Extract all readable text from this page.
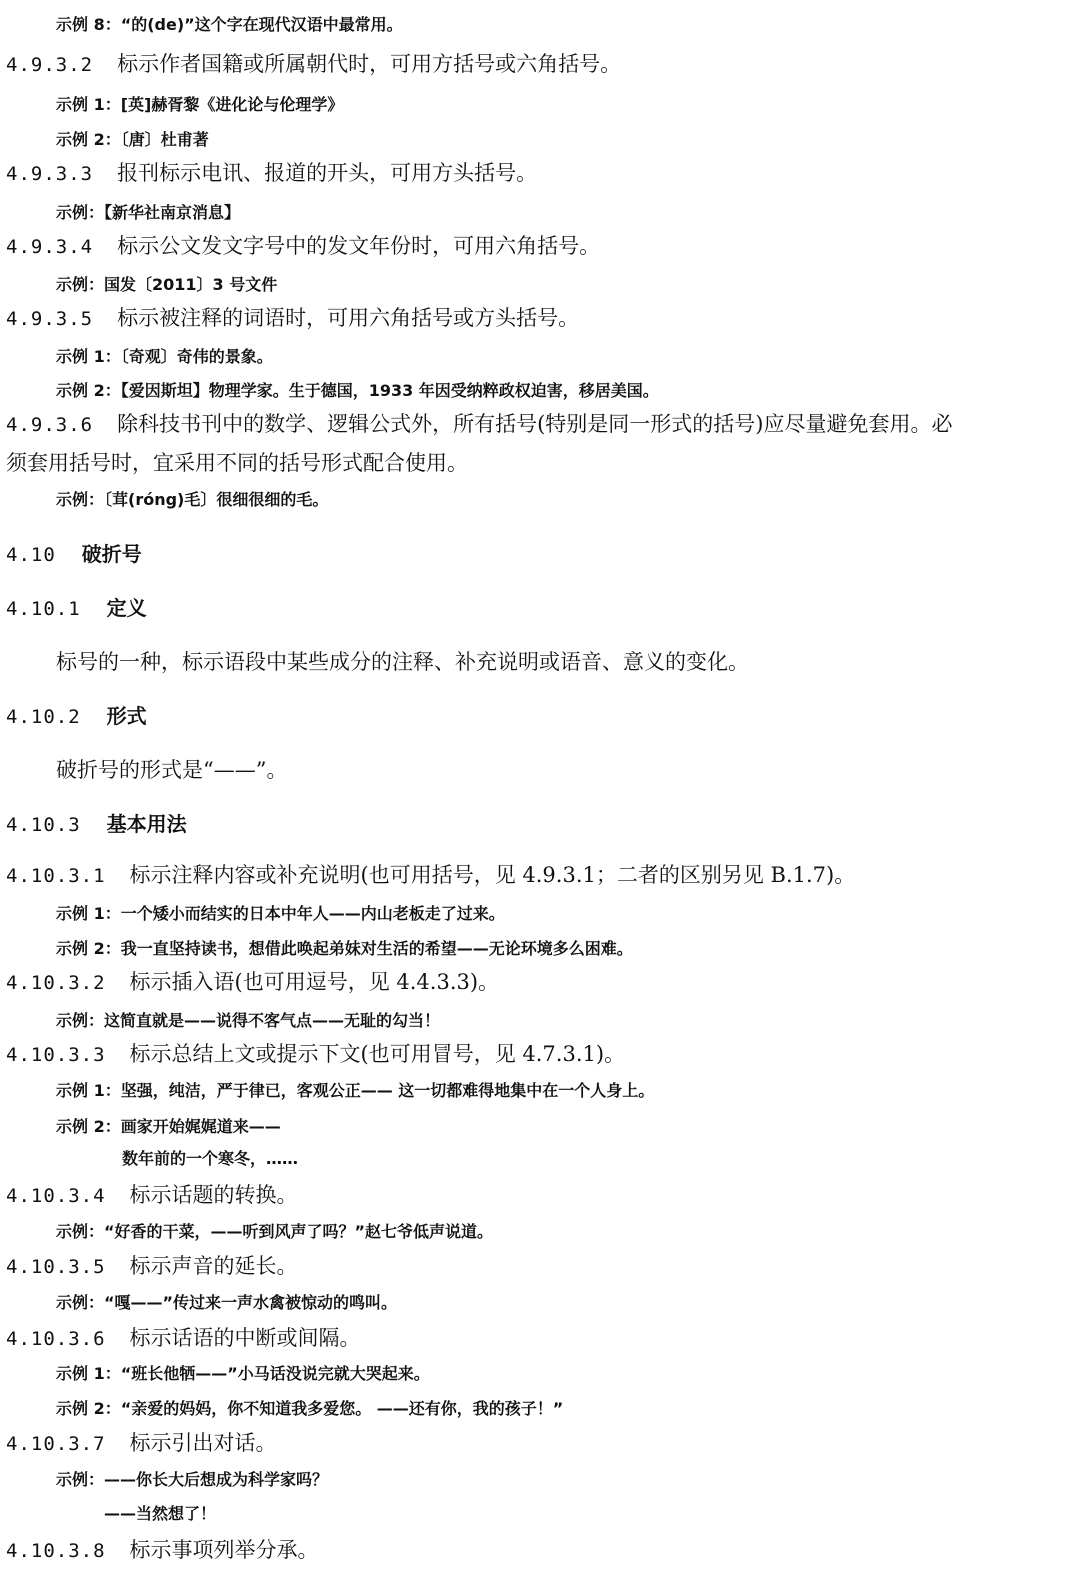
示例 8：“的(de)”这个字在现代汉语中最常用。
4.9.3.2 标示作者国籍或所属朝代时，可用方括号或六角括号。
示例 1：[英]赫胥黎《进化论与伦理学》
示例 2：〔唐〕杜甫著
4.9.3.3 报刊标示电讯、报道的开头，可用方头括号。
示例：【新华社南京消息】
4.9.3.4 标示公文发文字号中的发文年份时，可用六角括号。
示例：国发〔2011〕3 号文件
4.9.3.5 标示被注释的词语时，可用六角括号或方头括号。
示例 1：〔奇观〕奇伟的景象。
示例 2：【爱因斯坦】物理学家。生于德国，1933 年因受纳粹政权迫害，移居美国。
4.9.3.6 除科技书刊中的数学、逻辑公式外，所有括号(特别是同一形式的括号)应尽量避免套用。必
须套用括号时，宜采用不同的括号形式配合使用。
示例：〔茸(róng)毛〕很细很细的毛。
4.10 破折号
4.10.1 定义
标号的一种，标示语段中某些成分的注释、补充说明或语音、意义的变化。
4.10.2 形式
破折号的形式是“——”。
4.10.3 基本用法
4.10.3.1 标示注释内容或补充说明(也可用括号，见 4.9.3.1；二者的区别另见 B.1.7)。
示例 1：一个矮小而结实的日本中年人——内山老板走了过来。
示例 2：我一直坚持读书，想借此唤起弟妹对生活的希望——无论环境多么困难。
4.10.3.2 标示插入语(也可用逗号，见 4.4.3.3)。
示例：这简直就是——说得不客气点——无耻的勾当！
4.10.3.3 标示总结上文或提示下文(也可用冒号，见 4.7.3.1)。
示例 1：坚强，纯洁，严于律已，客观公正—— 这一切都难得地集中在一个人身上。
示例 2：画家开始娓娓道来——
数年前的一个寒冬，……
4.10.3.4 标示话题的转换。
示例：“好香的干菜，——听到风声了吗？”赵七爷低声说道。
4.10.3.5 标示声音的延长。
示例：“嘎——”传过来一声水禽被惊动的鸣叫。
4.10.3.6 标示话语的中断或间隔。
示例 1：“班长他牺——”小马话没说完就大哭起来。
示例 2：“亲爱的妈妈，你不知道我多爱您。 ——还有你，我的孩子！”
4.10.3.7 标示引出对话。
示例：——你长大后想成为科学家吗？
——当然想了！
4.10.3.8 标示事项列举分承。
